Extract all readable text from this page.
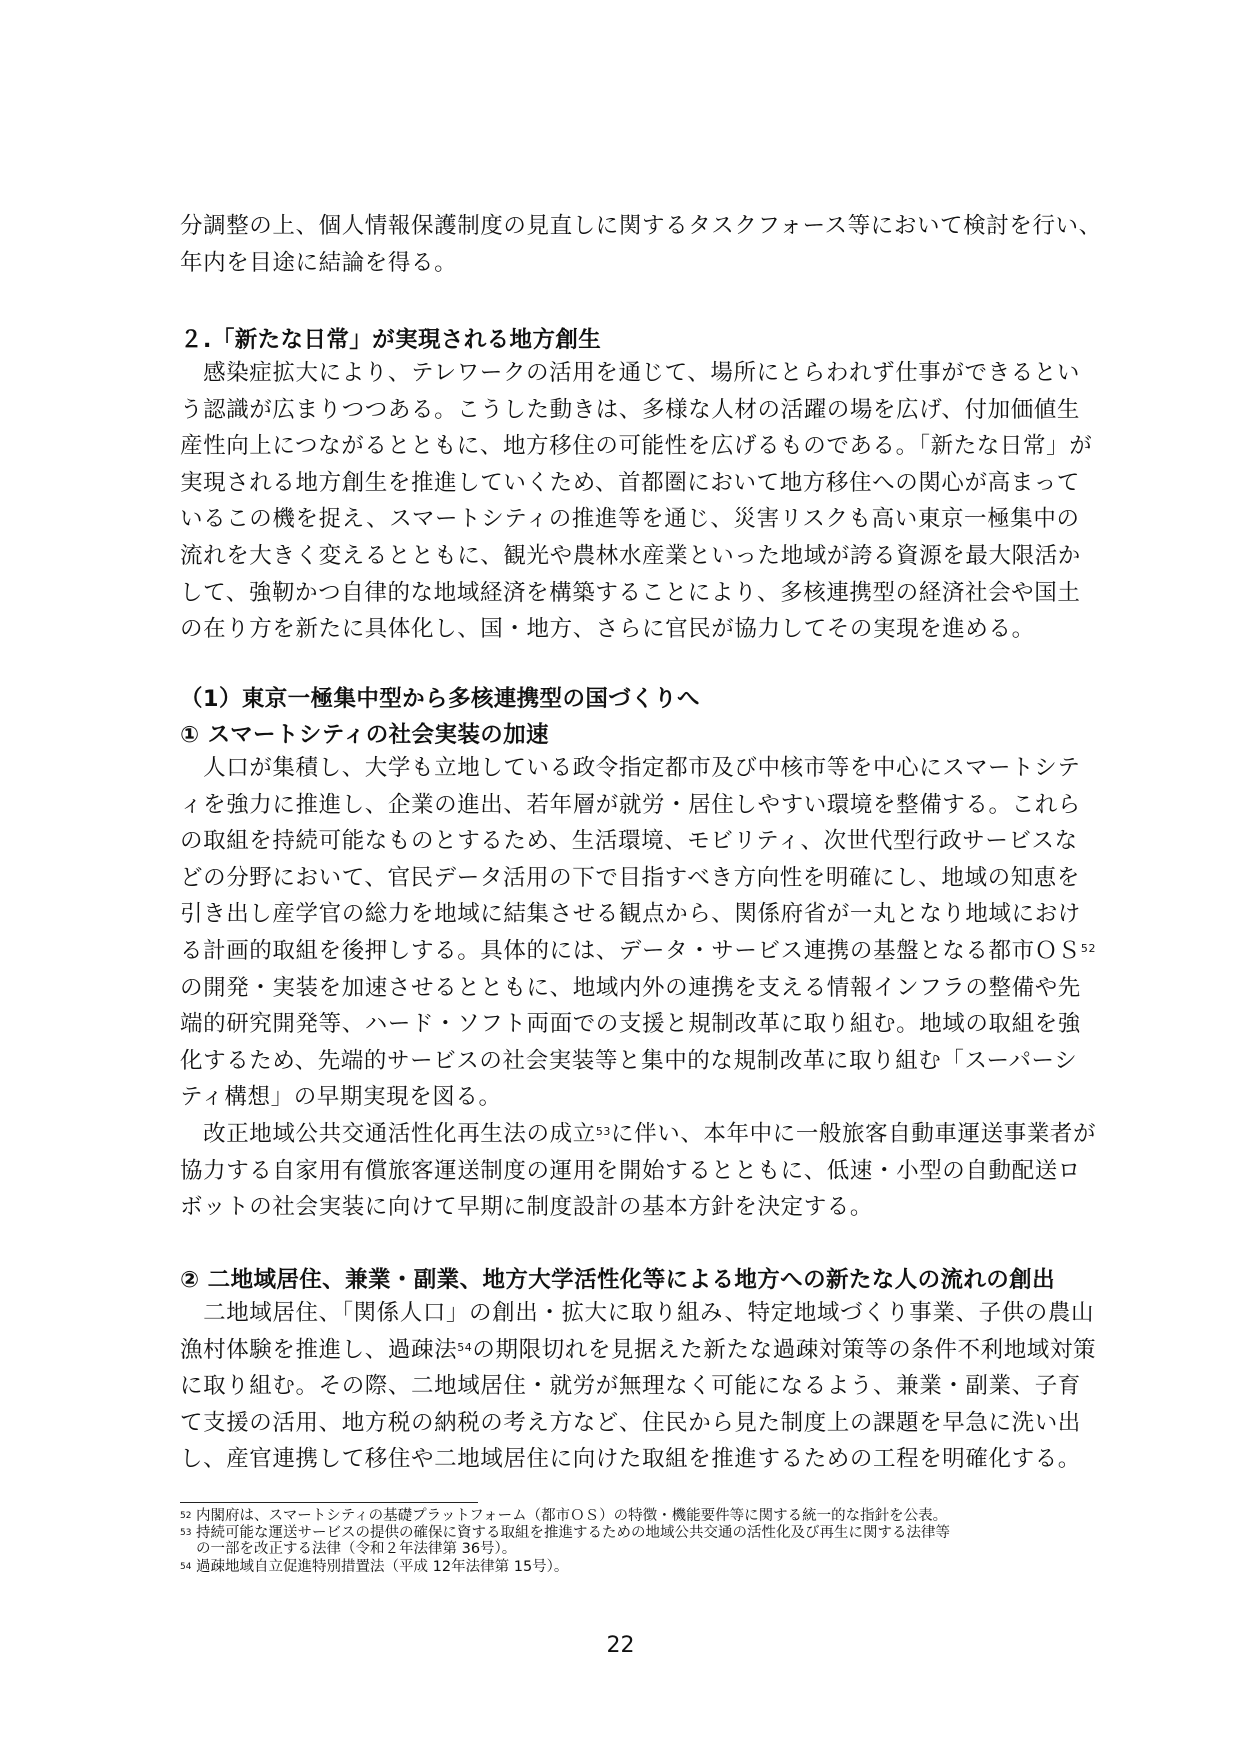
分調整の上、個人情報保護制度の見直しに関するタスクフォース等において検討を行い、

年内を目途に結論を得る。

２.「新たな日常」が実現される地方創生

　感染症拡大により、テレワークの活用を通じて、場所にとらわれず仕事ができるとい

う認識が広まりつつある。こうした動きは、多様な人材の活躍の場を広げ、付加価値生

産性向上につながるとともに、地方移住の可能性を広げるものである。「新たな日常」が

実現される地方創生を推進していくため、首都圏において地方移住への関心が高まって

いるこの機を捉え、スマートシティの推進等を通じ、災害リスクも高い東京一極集中の

流れを大きく変えるとともに、観光や農林水産業といった地域が誇る資源を最大限活か

して、強靭かつ自律的な地域経済を構築することにより、多核連携型の経済社会や国土

の在り方を新たに具体化し、国・地方、さらに官民が協力してその実現を進める。

（1）東京一極集中型から多核連携型の国づくりへ
① スマートシティの社会実装の加速

　人口が集積し、大学も立地している政令指定都市及び中核市等を中心にスマートシテ

ィを強力に推進し、企業の進出、若年層が就労・居住しやすい環境を整備する。これら

の取組を持続可能なものとするため、生活環境、モビリティ、次世代型行政サービスな

どの分野において、官民データ活用の下で目指すべき方向性を明確にし、地域の知恵を

引き出し産学官の総力を地域に結集させる観点から、関係府省が一丸となり地域におけ

る計画的取組を後押しする。具体的には、データ・サービス連携の基盤となる都市ＯＳ$^{52}$

の開発・実装を加速させるとともに、地域内外の連携を支える情報インフラの整備や先

端的研究開発等、ハード・ソフト両面での支援と規制改革に取り組む。地域の取組を強

化するため、先端的サービスの社会実装等と集中的な規制改革に取り組む「スーパーシ

ティ構想」の早期実現を図る。

　改正地域公共交通活性化再生法の成立$^{53}$に伴い、本年中に一般旅客自動車運送事業者が

協力する自家用有償旅客運送制度の運用を開始するとともに、低速・小型の自動配送ロ

ボットの社会実装に向けて早期に制度設計の基本方針を決定する。

② 二地域居住、兼業・副業、地方大学活性化等による地方への新たな人の流れの創出

　二地域居住、「関係人口」の創出・拡大に取り組み、特定地域づくり事業、子供の農山

漁村体験を推進し、過疎法$^{54}$の期限切れを見据えた新たな過疎対策等の条件不利地域対策

に取り組む。その際、二地域居住・就労が無理なく可能になるよう、兼業・副業、子育

て支援の活用、地方税の納税の考え方など、住民から見た制度上の課題を早急に洗い出

し、産官連携して移住や二地域居住に向けた取組を推進するための工程を明確化する。

$^{52}$ 内閣府は、スマートシティの基礎プラットフォーム（都市ＯＳ）の特徴・機能要件等に関する統一的な指針を公表。
$^{53}$ 持続可能な運送サービスの提供の確保に資する取組を推進するための地域公共交通の活性化及び再生に関する法律等
の一部を改正する法律（令和２年法律第 36号）。
$^{54}$ 過疎地域自立促進特別措置法（平成 12年法律第 15号）。
22
